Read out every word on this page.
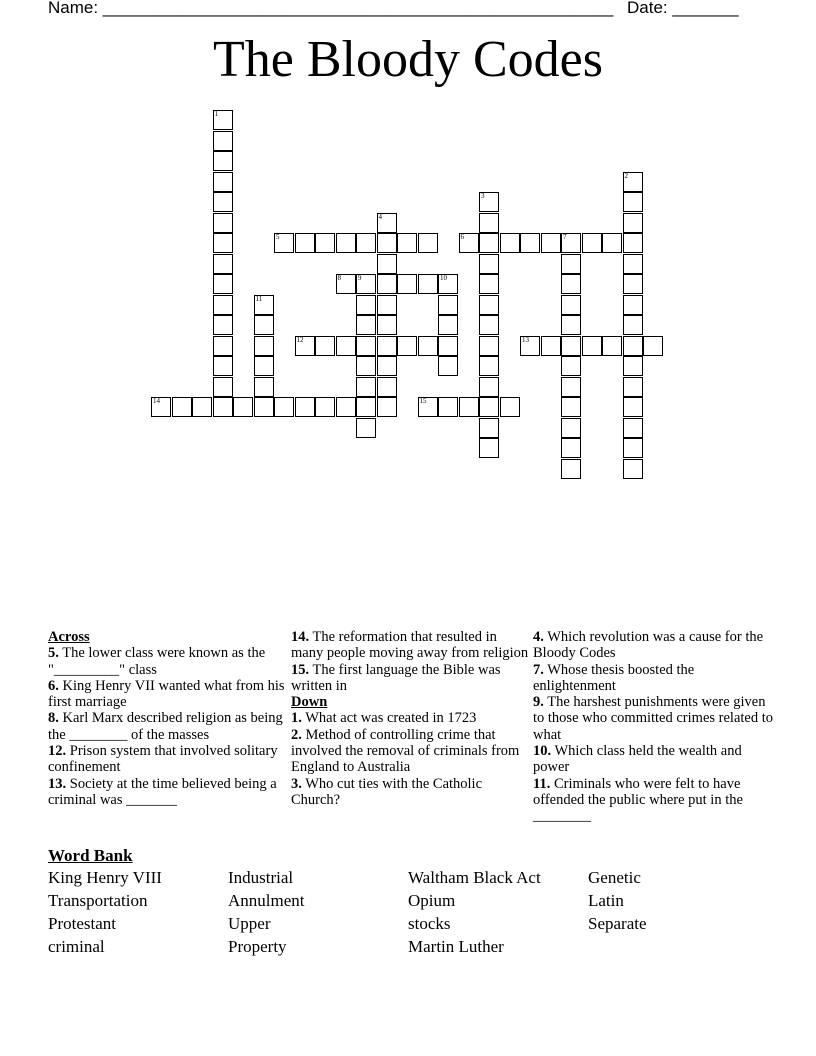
Name: ______________________________________________________ Date: _______
The Bloody Codes
1
2
3
4
5	6	7
8 9	10
11
12	13
14	15
Across
5. The lower class were known as the "_________" class
6. King Henry VII wanted what from his first marriage
8. Karl Marx described religion as being the ________ of the masses
12. Prison system that involved solitary confinement
13. Society at the time believed being a criminal was _______
14. The reformation that resulted in many people moving away from religion
15. The first language the Bible was written in
Down
1. What act was created in 1723
2. Method of controlling crime that involved the removal of criminals from England to Australia
3. Who cut ties with the Catholic Church?
4. Which revolution was a cause for the Bloody Codes
7. Whose thesis boosted the enlightenment
9. The harshest punishments were given to those who committed crimes related to what
10. Which class held the wealth and power
11. Criminals who were felt to have offended the public where put in the ________
Word Bank
King Henry VIII
Transportation
Protestant
criminal
Industrial
Annulment
Upper
Property
Waltham Black Act
Opium
stocks
Martin Luther
Genetic
Latin
Separate
